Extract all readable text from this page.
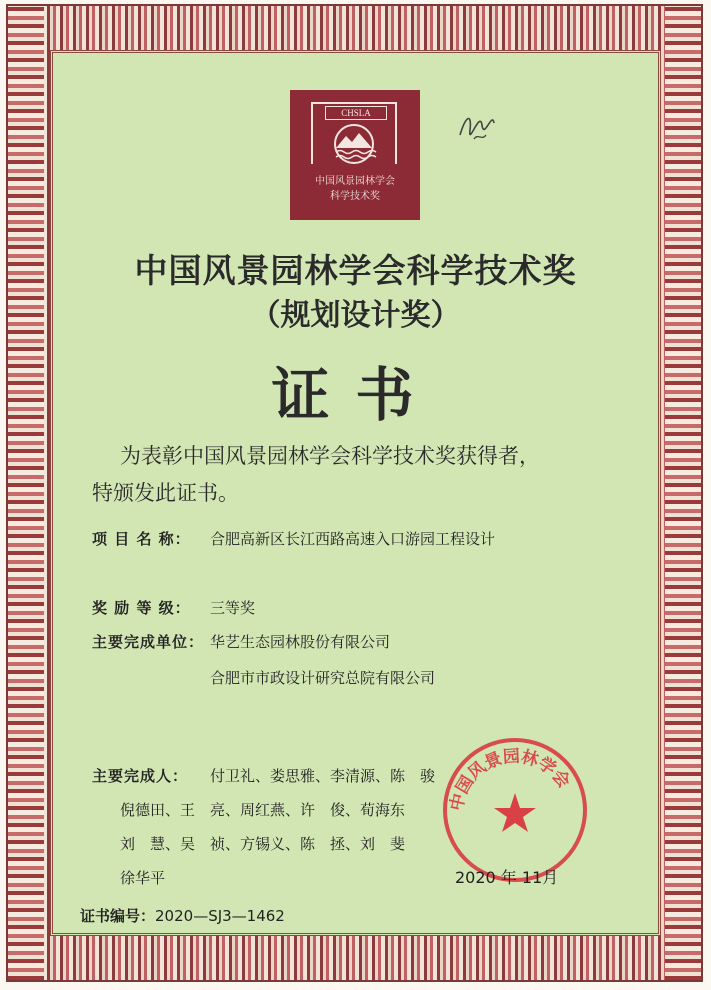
CHSLA
中国风景园林学会
科学技术奖
中国风景园林学会科学技术奖
（规划设计奖）
证书
为表彰中国风景园林学会科学技术奖获得者，
特颁发此证书。
项 目 名 称： 合肥高新区长江西路高速入口游园工程设计
奖 励 等 级： 三等奖
主要完成单位： 华艺生态园林股份有限公司
合肥市市政设计研究总院有限公司
主要完成人： 付卫礼、娄思雅、李清源、陈　骏
倪德田、王　亮、周红燕、许　俊、荀海东
刘　慧、吴　祯、方锡义、陈　拯、刘　斐
徐华平
中国风景园林学会
2020 年 11月
证书编号：2020—SJ3—1462
